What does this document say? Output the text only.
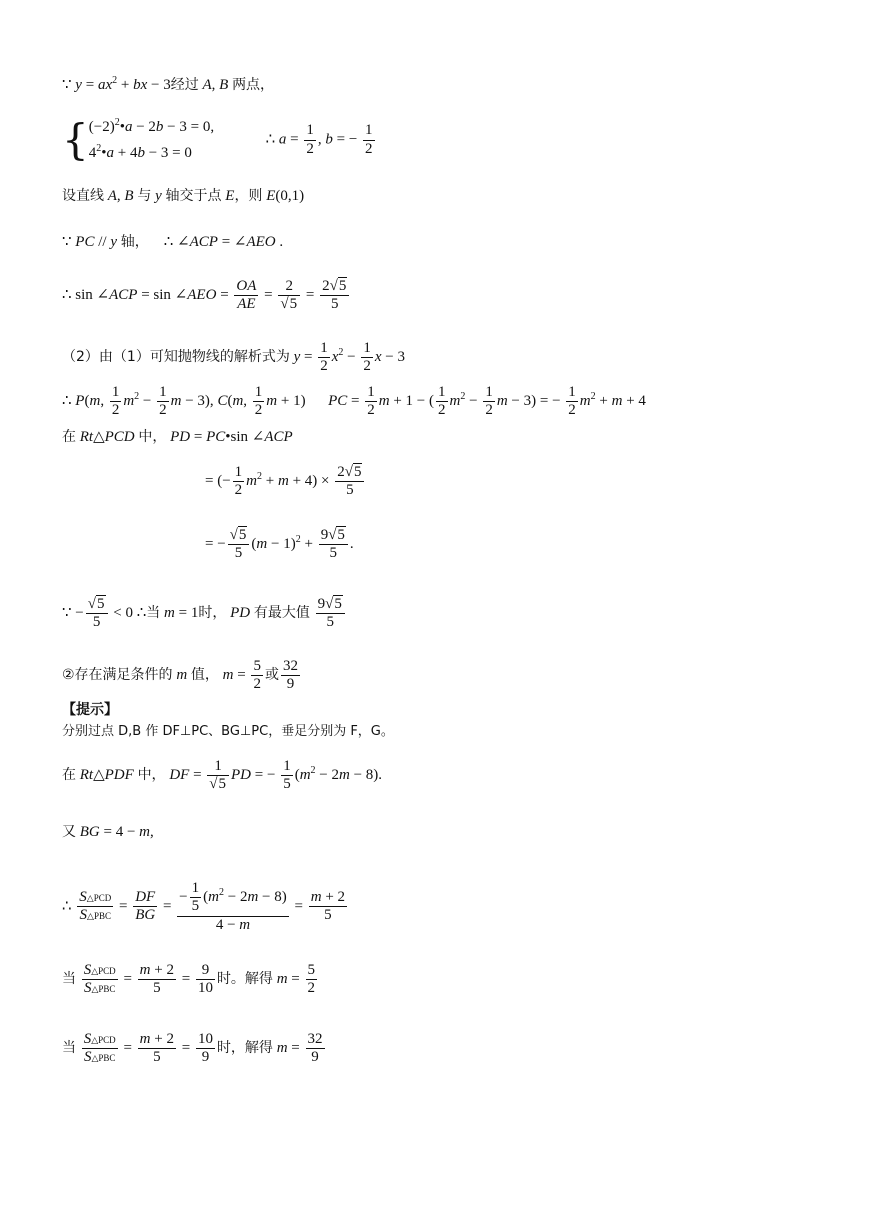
∵ $y = ax^2$ + bx − 3经过 A, B 两点，
{ $(-2)^2•a - 2b - 3 = 0$,
$4^2•a + 4b - 3 = 0$
∴ $a = \frac{1}{2}$ , b = − $\frac{1}{2}$
设直线 A, B 与 y 轴交于点 E，则 E(0,1)
∵ PC // y 轴， ∴ ∠ACP = ∠AEO .
∴ sin ∠ACP = sin ∠AEO = $\frac{OA}{AE} = \frac{2}{√5} = \frac{2√5}{5}$
（2）由（1）可知抛物线的解析式为 $y = \frac{1}{2} x^2 - \frac{1}{2}$ x − 3
∴ P(m, $\frac{1}{2} m^2 - \frac{1}{2}$ m − 3), C(m, $\frac{1}{2}$ m + 1)      PC = $\frac{1}{2}$ m + 1 − ( $\frac{1}{2} m^2 - \frac{1}{2}$ m − 3) = − $\frac{1}{2} m^2 + m + 4$
在 Rt△PCD 中， PD = PC•sin ∠ACP
= (− $\frac{1}{2} m^2 + m + 4) \times \frac{2√5}{5}$
= − $\frac{√5}{5} (m - 1)^2 + \frac{9√5}{5}$ .
∵ − $\frac{√5}{5} < 0$ ∴当 m = 1时， PD 有最大值 $\frac{9√5}{5}$
②存在满足条件的 m 值， $m = \frac{5}{2}$ 或 $\frac{32}{9}$
【提示】
分别过点 D,B 作 DF⊥PC、BG⊥PC，垂足分别为 F，G。
在 Rt△PDF 中， DF = $\frac{1}{√5}$ PD = − $\frac{1}{5} (m^2 - 2m - 8)$.
又 BG = 4 − m,
∴ $\frac{\text{S△PCD}}{\text{S△PBC}} = \frac{DF}{BG} = \frac{- \frac{1}{5} (m^2 - 2m - 8)}{4 - m} = \frac{m + 2}{5}$
当 $\frac{\text{S△PCD}}{\text{S△PBC}} = \frac{m + 2}{5} = \frac{9}{10}$ 时。解得 $m = \frac{5}{2}$
当 $\frac{\text{S△PCD}}{\text{S△PBC}} = \frac{m + 2}{5} = \frac{10}{9}$ 时，解得 $m = \frac{32}{9}$
